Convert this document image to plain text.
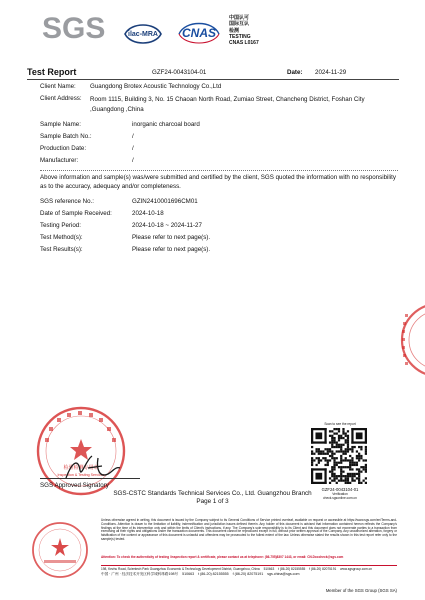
SGS	ilac-MRA CNAS
中国认可
国际互认
检测
TESTING
CNAS L0167
Test Report	GZF24-0043104-01	Date: 2024-11-29
Client Name: Guangdong Brotex Acoustic Technology Co.,Ltd
Client Address: Room 1115, Building 3, No. 15 Chaoan North Road, Zumiao Street, Chancheng District, Foshan City ,Guangdong ,China
Sample Name:	inorganic charcoal board
Sample Batch No.:	/
Production Date:	/
Manufacturer:	/
Above information and sample(s) was/were submitted and certified by the client, SGS quoted the information with no responsibility as to the accuracy, adequacy and/or completeness.
SGS reference No.:	GZIN2410001696CM01
Date of Sample Received:	2024-10-18
Testing Period:	2024-10-18 ~ 2024-11-27
Test Method(s):	Please refer to next page(s).
Test Results(s):	Please refer to next page(s).
检验检测专用章
Inspection & Testing Services
Scan to see the report
GZF24-0043104-01
Verification
check.sgsonline.com.cn
SGS Approved Signatory
SGS-CSTC Standards Technical Services Co., Ltd. Guangzhou Branch
Page 1 of 3
Unless otherwise agreed in writing, this document is issued by the Company subject to its General Conditions of Service printed overleaf, available on request or accessible at https://www.sgs.com/en/Terms-and-Conditions. Attention is drawn to the limitation of liability, indemnification and jurisdiction issues defined therein. Any holder of this document is advised that information contained hereon reflects the Company's findings at the time of its intervention only and within the limits of Client's instructions, if any. The Company's sole responsibility is to its Client and this document does not exonerate parties to a transaction from exercising all their rights and obligations under the transaction documents. This document cannot be reproduced except in full, without prior written approval of the Company. Any unauthorized alteration, forgery or falsification of the content or appearance of this document is unlawful and offenders may be prosecuted to the fullest extent of the law. Unless otherwise stated the results shown in this test report refer only to the sample(s) tested.
Attention: To check the authenticity of testing /inspection report & certificate, please contact us at telephone: (86-755)8307 1443, or email: CN.Doccheck@sgs.com
198, Kezhu Road, Scientech Park Guangzhou Economic & Technology Development District, Guangzhou, China 510663 t (86-20) 82155555 f (86-20) 82075191 www.sgsgroup.com.cn
中国 · 广州 · 经济技术开发区科学城科珠路198号 510663 t (86-20) 82155555 f (86-20) 82075191 sgs.china@sgs.com
Member of the SGS Group (SGS SA)
